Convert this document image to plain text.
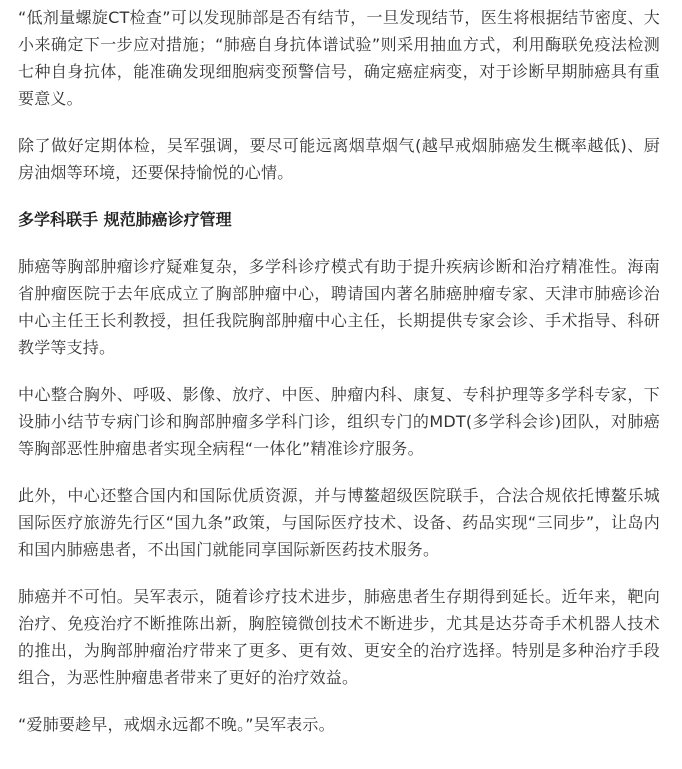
“低剂量螺旋CT检查”可以发现肺部是否有结节，一旦发现结节，医生将根据结节密度、大小来确定下一步应对措施；“肺癌自身抗体谱试验”则采用抽血方式，利用酶联免疫法检测七种自身抗体，能准确发现细胞病变预警信号，确定癌症病变，对于诊断早期肺癌具有重要意义。

除了做好定期体检，吴军强调，要尽可能远离烟草烟气(越早戒烟肺癌发生概率越低)、厨房油烟等环境，还要保持愉悦的心情。

多学科联手 规范肺癌诊疗管理

肺癌等胸部肿瘤诊疗疑难复杂，多学科诊疗模式有助于提升疾病诊断和治疗精准性。海南省肿瘤医院于去年底成立了胸部肿瘤中心，聘请国内著名肺癌肿瘤专家、天津市肺癌诊治中心主任王长利教授，担任我院胸部肿瘤中心主任，长期提供专家会诊、手术指导、科研教学等支持。

中心整合胸外、呼吸、影像、放疗、中医、肿瘤内科、康复、专科护理等多学科专家，下设肺小结节专病门诊和胸部肿瘤多学科门诊，组织专门的MDT(多学科会诊)团队，对肺癌等胸部恶性肿瘤患者实现全病程“一体化”精准诊疗服务。

此外，中心还整合国内和国际优质资源，并与博鳌超级医院联手，合法合规依托博鳌乐城国际医疗旅游先行区“国九条”政策，与国际医疗技术、设备、药品实现“三同步”，让岛内和国内肺癌患者，不出国门就能同享国际新医药技术服务。

肺癌并不可怕。吴军表示，随着诊疗技术进步，肺癌患者生存期得到延长。近年来，靶向治疗、免疫治疗不断推陈出新，胸腔镜微创技术不断进步，尤其是达芬奇手术机器人技术的推出，为胸部肿瘤治疗带来了更多、更有效、更安全的治疗选择。特别是多种治疗手段组合，为恶性肿瘤患者带来了更好的治疗效益。

“爱肺要趁早，戒烟永远都不晚。”吴军表示。
